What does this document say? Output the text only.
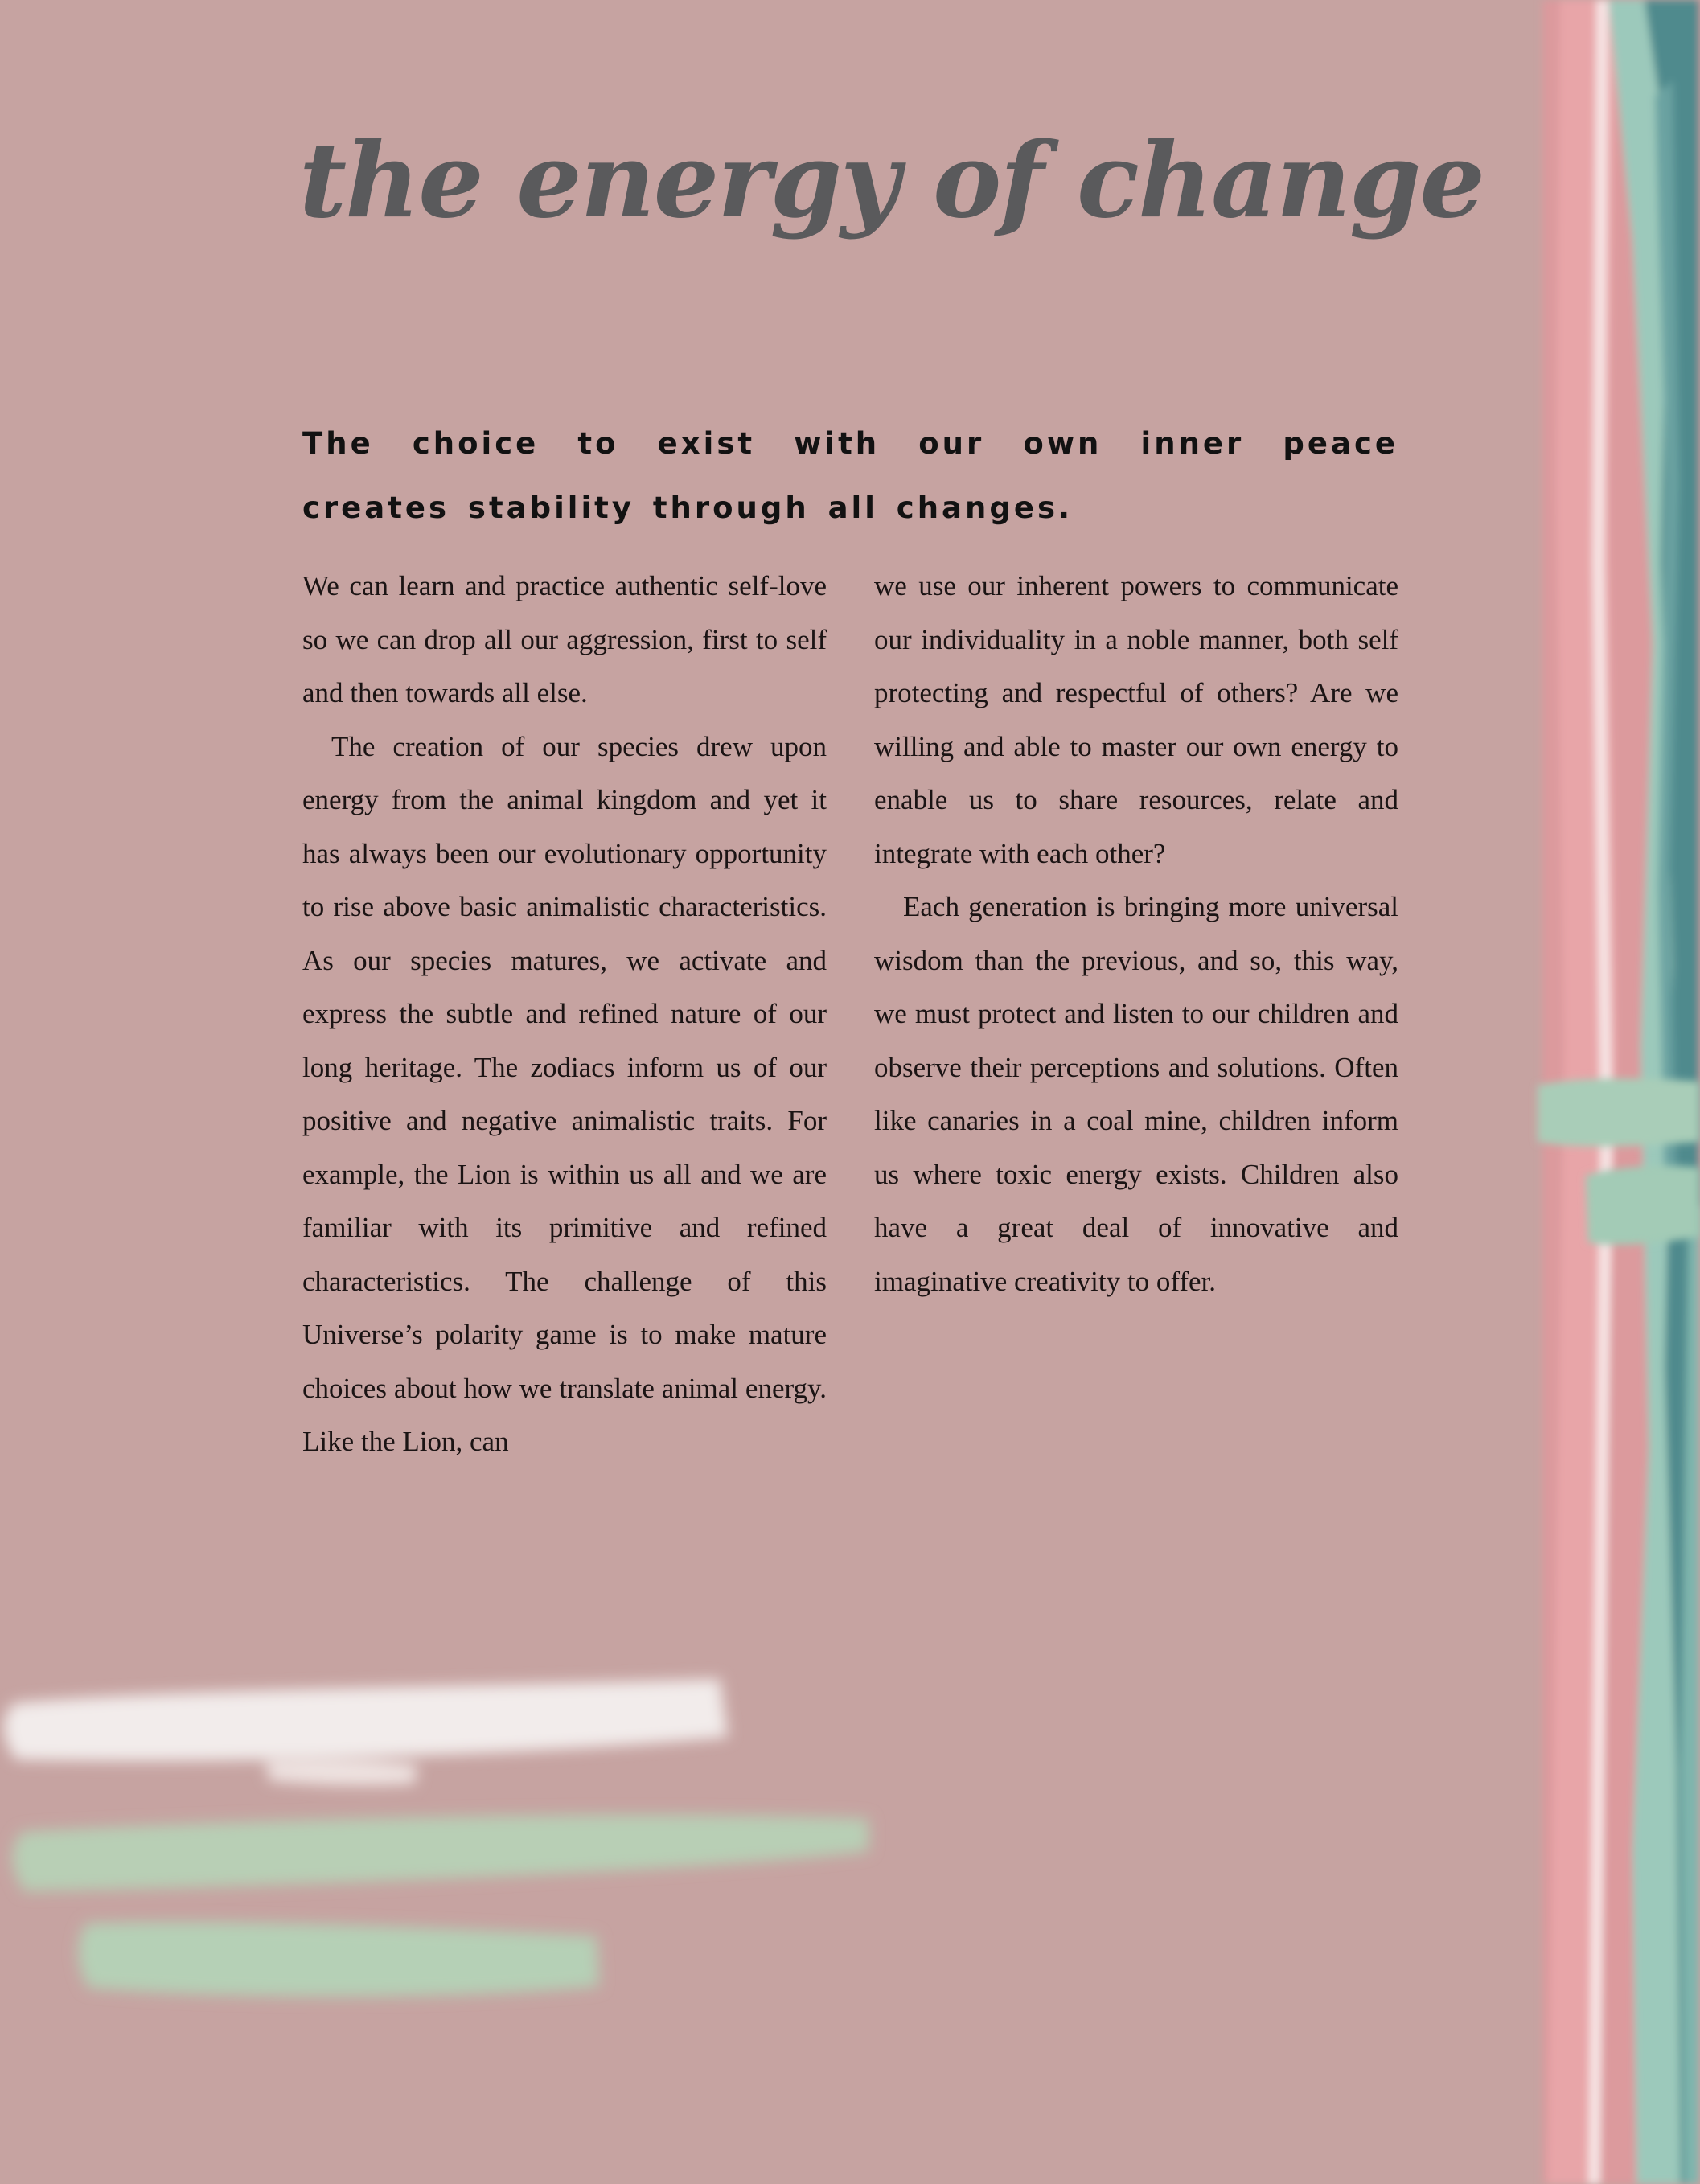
the energy of change

The choice to exist with our own inner peace creates stability through all changes.

We can learn and practice authentic self-love so we can drop all our aggression, first to self and then towards all else.

The creation of our species drew upon energy from the animal kingdom and yet it has always been our evolutionary opportunity to rise above basic animalistic characteristics. As our species matures, we activate and express the subtle and refined nature of our long heritage. The zodiacs inform us of our positive and negative animalistic traits. For example, the Lion is within us all and we are familiar with its primitive and refined characteristics. The challenge of this Universe’s polarity game is to make mature choices about how we translate animal energy. Like the Lion, can

we use our inherent powers to communicate our individuality in a noble manner, both self protecting and respectful of others? Are we willing and able to master our own energy to enable us to share resources, relate and integrate with each other?

Each generation is bringing more universal wisdom than the previous, and so, this way, we must protect and listen to our children and observe their perceptions and solutions. Often like canaries in a coal mine, children inform us where toxic energy exists. Children also have a great deal of innovative and imaginative creativity to offer.
